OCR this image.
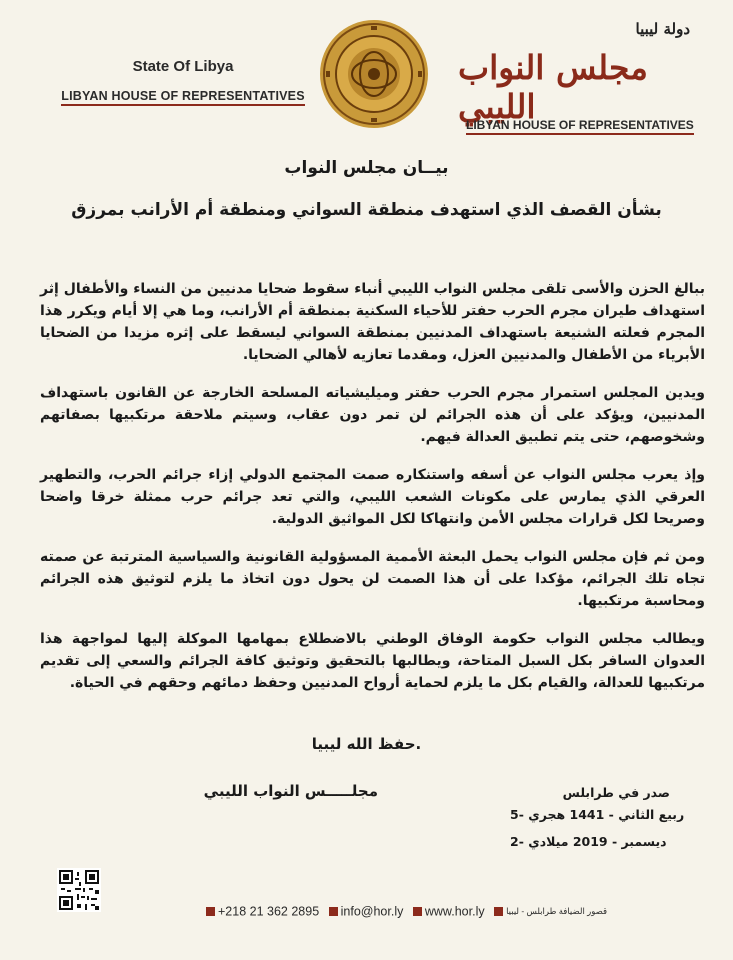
State Of Libya
LIBYAN HOUSE OF REPRESENTATIVES
دولة ليبيا
مجلس النواب الليبي
LIBYAN HOUSE OF REPRESENTATIVES
بيــان مجلس النواب
بشأن القصف الذي استهدف منطقة السواني ومنطقة أم الأرانب بمرزق

ببالغ الحزن والأسى تلقى مجلس النواب الليبي أنباء سقوط ضحايا مدنيين من النساء والأطفال إثر استهداف طيران مجرم الحرب حفتر للأحياء السكنية بمنطقة أم الأرانب، وما هي إلا أيام ويكرر هذا المجرم فعلته الشنيعة باستهداف المدنيين بمنطقة السواني ليسقط على إثره مزيدا من الضحايا الأبرياء من الأطفال والمدنيين العزل، ومقدما تعازيه لأهالي الضحايا.

ويدين المجلس استمرار مجرم الحرب حفتر وميليشياته المسلحة الخارجة عن القانون باستهداف المدنيين، ويؤكد على أن هذه الجرائم لن تمر دون عقاب، وسيتم ملاحقة مرتكبيها بصفاتهم وشخوصهم، حتى يتم تطبيق العدالة فيهم.

وإذ يعرب مجلس النواب عن أسفه واستنكاره صمت المجتمع الدولي إزاء جرائم الحرب، والتطهير العرقي الذي يمارس على مكونات الشعب الليبي، والتي تعد جرائم حرب ممثلة خرقا واضحا وصريحا لكل قرارات مجلس الأمن وانتهاكا لكل المواثيق الدولية.

ومن ثم فإن مجلس النواب يحمل البعثة الأممية المسؤولية القانونية والسياسية المترتبة عن صمته تجاه تلك الجرائم، مؤكدا على أن هذا الصمت لن يحول دون اتخاذ ما يلزم لتوثيق هذه الجرائم ومحاسبة مرتكبيها.

ويطالب مجلس النواب حكومة الوفاق الوطني بالاضطلاع بمهامها الموكلة إليها لمواجهة هذا العدوان السافر بكل السبل المتاحة، ويطالبها بالتحقيق وتوثيق كافة الجرائم والسعي إلى تقديم مرتكبيها للعدالة، والقيام بكل ما يلزم لحماية أرواح المدنيين وحفظ دمائهم وحقهم في الحياة.

حفظ الله ليبيا.
مجلـــــس النواب الليبي	صدر في طرابلس
5- ربيع الثاني - 1441 هجري
2- ديسمبر - 2019 ميلادي
+218 21 362 2895 info@hor.ly www.hor.ly	قصور الضيافة طرابلس - ليبيا
